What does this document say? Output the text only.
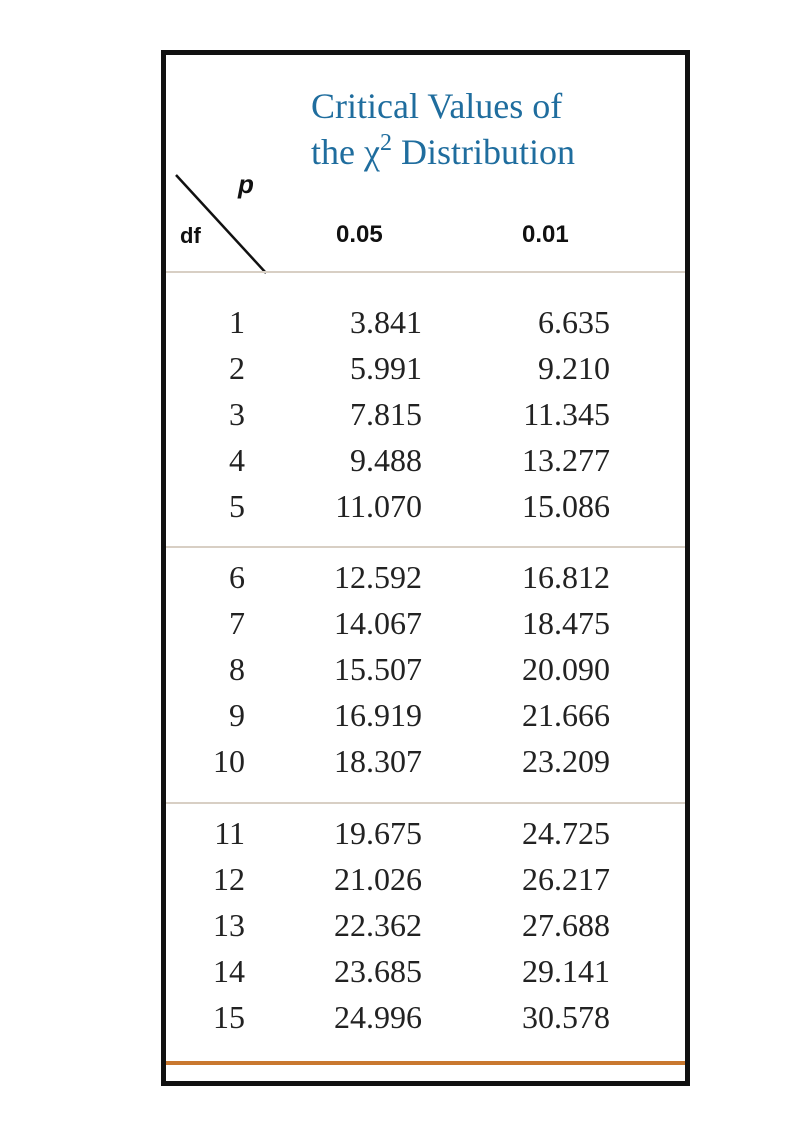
Critical Values of
the $\chi^2$ Distribution
p
df	0.05	0.01
1	3.841	6.635
2	5.991	9.210
3	7.815	11.345
4	9.488	13.277
5	11.070	15.086
6	12.592	16.812
7	14.067	18.475
8	15.507	20.090
9	16.919	21.666
10	18.307	23.209
11	19.675	24.725
12	21.026	26.217
13	22.362	27.688
14	23.685	29.141
15	24.996	30.578
